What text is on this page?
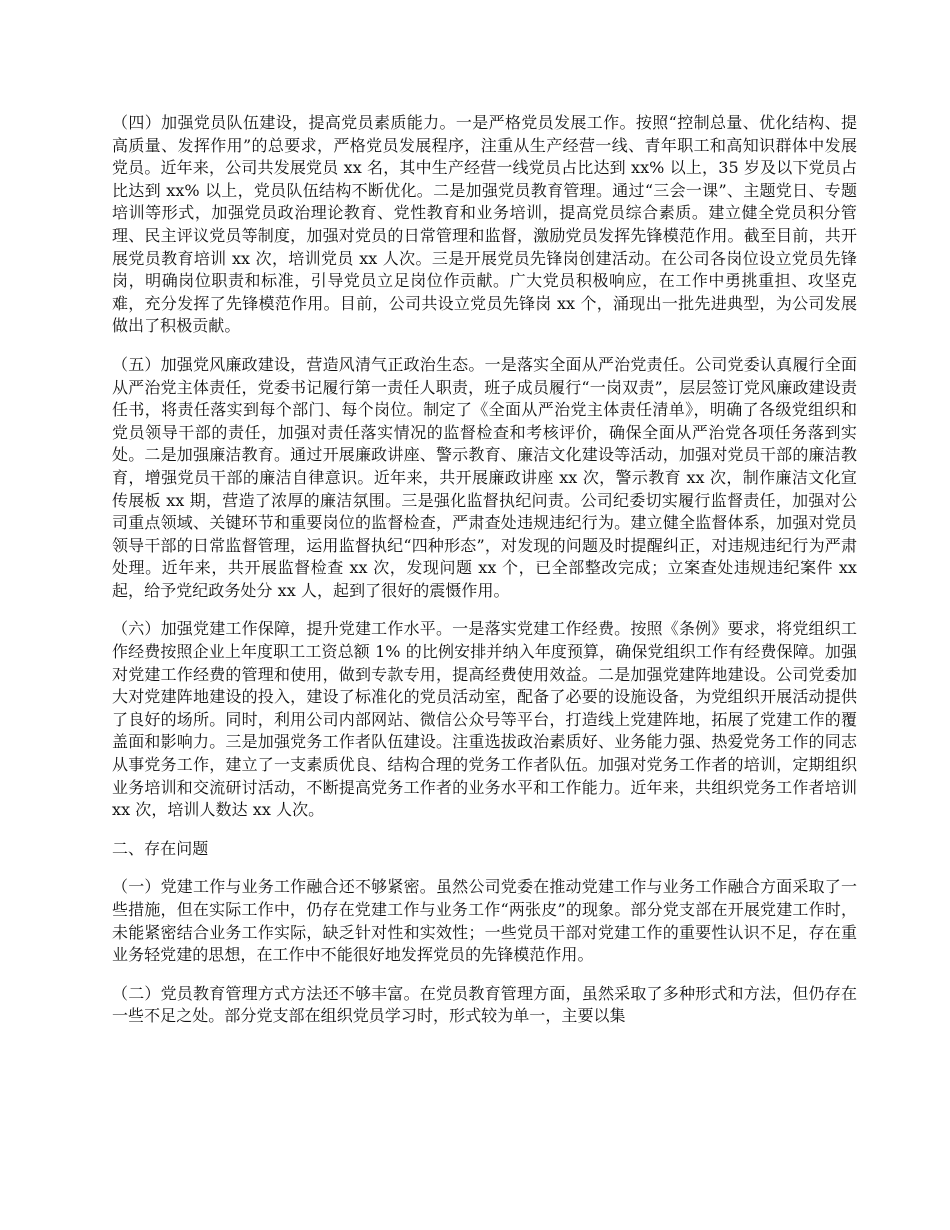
（四）加强党员队伍建设，提高党员素质能力。一是严格党员发展工作。按照“控制总量、优化结构、提高质量、发挥作用”的总要求，严格党员发展程序，注重从生产经营一线、青年职工和高知识群体中发展党员。近年来，公司共发展党员 xx 名，其中生产经营一线党员占比达到 xx% 以上，35 岁及以下党员占比达到 xx% 以上，党员队伍结构不断优化。二是加强党员教育管理。通过“三会一课”、主题党日、专题培训等形式，加强党员政治理论教育、党性教育和业务培训，提高党员综合素质。建立健全党员积分管理、民主评议党员等制度，加强对党员的日常管理和监督，激励党员发挥先锋模范作用。截至目前，共开展党员教育培训 xx 次，培训党员 xx 人次。三是开展党员先锋岗创建活动。在公司各岗位设立党员先锋岗，明确岗位职责和标准，引导党员立足岗位作贡献。广大党员积极响应，在工作中勇挑重担、攻坚克难，充分发挥了先锋模范作用。目前，公司共设立党员先锋岗 xx 个，涌现出一批先进典型，为公司发展做出了积极贡献。

（五）加强党风廉政建设，营造风清气正政治生态。一是落实全面从严治党责任。公司党委认真履行全面从严治党主体责任，党委书记履行第一责任人职责，班子成员履行“一岗双责”，层层签订党风廉政建设责任书，将责任落实到每个部门、每个岗位。制定了《全面从严治党主体责任清单》，明确了各级党组织和党员领导干部的责任，加强对责任落实情况的监督检查和考核评价，确保全面从严治党各项任务落到实处。二是加强廉洁教育。通过开展廉政讲座、警示教育、廉洁文化建设等活动，加强对党员干部的廉洁教育，增强党员干部的廉洁自律意识。近年来，共开展廉政讲座 xx 次，警示教育 xx 次，制作廉洁文化宣传展板 xx 期，营造了浓厚的廉洁氛围。三是强化监督执纪问责。公司纪委切实履行监督责任，加强对公司重点领域、关键环节和重要岗位的监督检查，严肃查处违规违纪行为。建立健全监督体系，加强对党员领导干部的日常监督管理，运用监督执纪“四种形态”，对发现的问题及时提醒纠正，对违规违纪行为严肃处理。近年来，共开展监督检查 xx 次，发现问题 xx 个，已全部整改完成；立案查处违规违纪案件 xx 起，给予党纪政务处分 xx 人，起到了很好的震慑作用。

（六）加强党建工作保障，提升党建工作水平。一是落实党建工作经费。按照《条例》要求，将党组织工作经费按照企业上年度职工工资总额 1% 的比例安排并纳入年度预算，确保党组织工作有经费保障。加强对党建工作经费的管理和使用，做到专款专用，提高经费使用效益。二是加强党建阵地建设。公司党委加大对党建阵地建设的投入，建设了标准化的党员活动室，配备了必要的设施设备，为党组织开展活动提供了良好的场所。同时，利用公司内部网站、微信公众号等平台，打造线上党建阵地，拓展了党建工作的覆盖面和影响力。三是加强党务工作者队伍建设。注重选拔政治素质好、业务能力强、热爱党务工作的同志从事党务工作，建立了一支素质优良、结构合理的党务工作者队伍。加强对党务工作者的培训，定期组织业务培训和交流研讨活动，不断提高党务工作者的业务水平和工作能力。近年来，共组织党务工作者培训 xx 次，培训人数达 xx 人次。

二、存在问题

（一）党建工作与业务工作融合还不够紧密。虽然公司党委在推动党建工作与业务工作融合方面采取了一些措施，但在实际工作中，仍存在党建工作与业务工作“两张皮”的现象。部分党支部在开展党建工作时，未能紧密结合业务工作实际，缺乏针对性和实效性；一些党员干部对党建工作的重要性认识不足，存在重业务轻党建的思想，在工作中不能很好地发挥党员的先锋模范作用。

（二）党员教育管理方式方法还不够丰富。在党员教育管理方面，虽然采取了多种形式和方法，但仍存在一些不足之处。部分党支部在组织党员学习时，形式较为单一，主要以集
